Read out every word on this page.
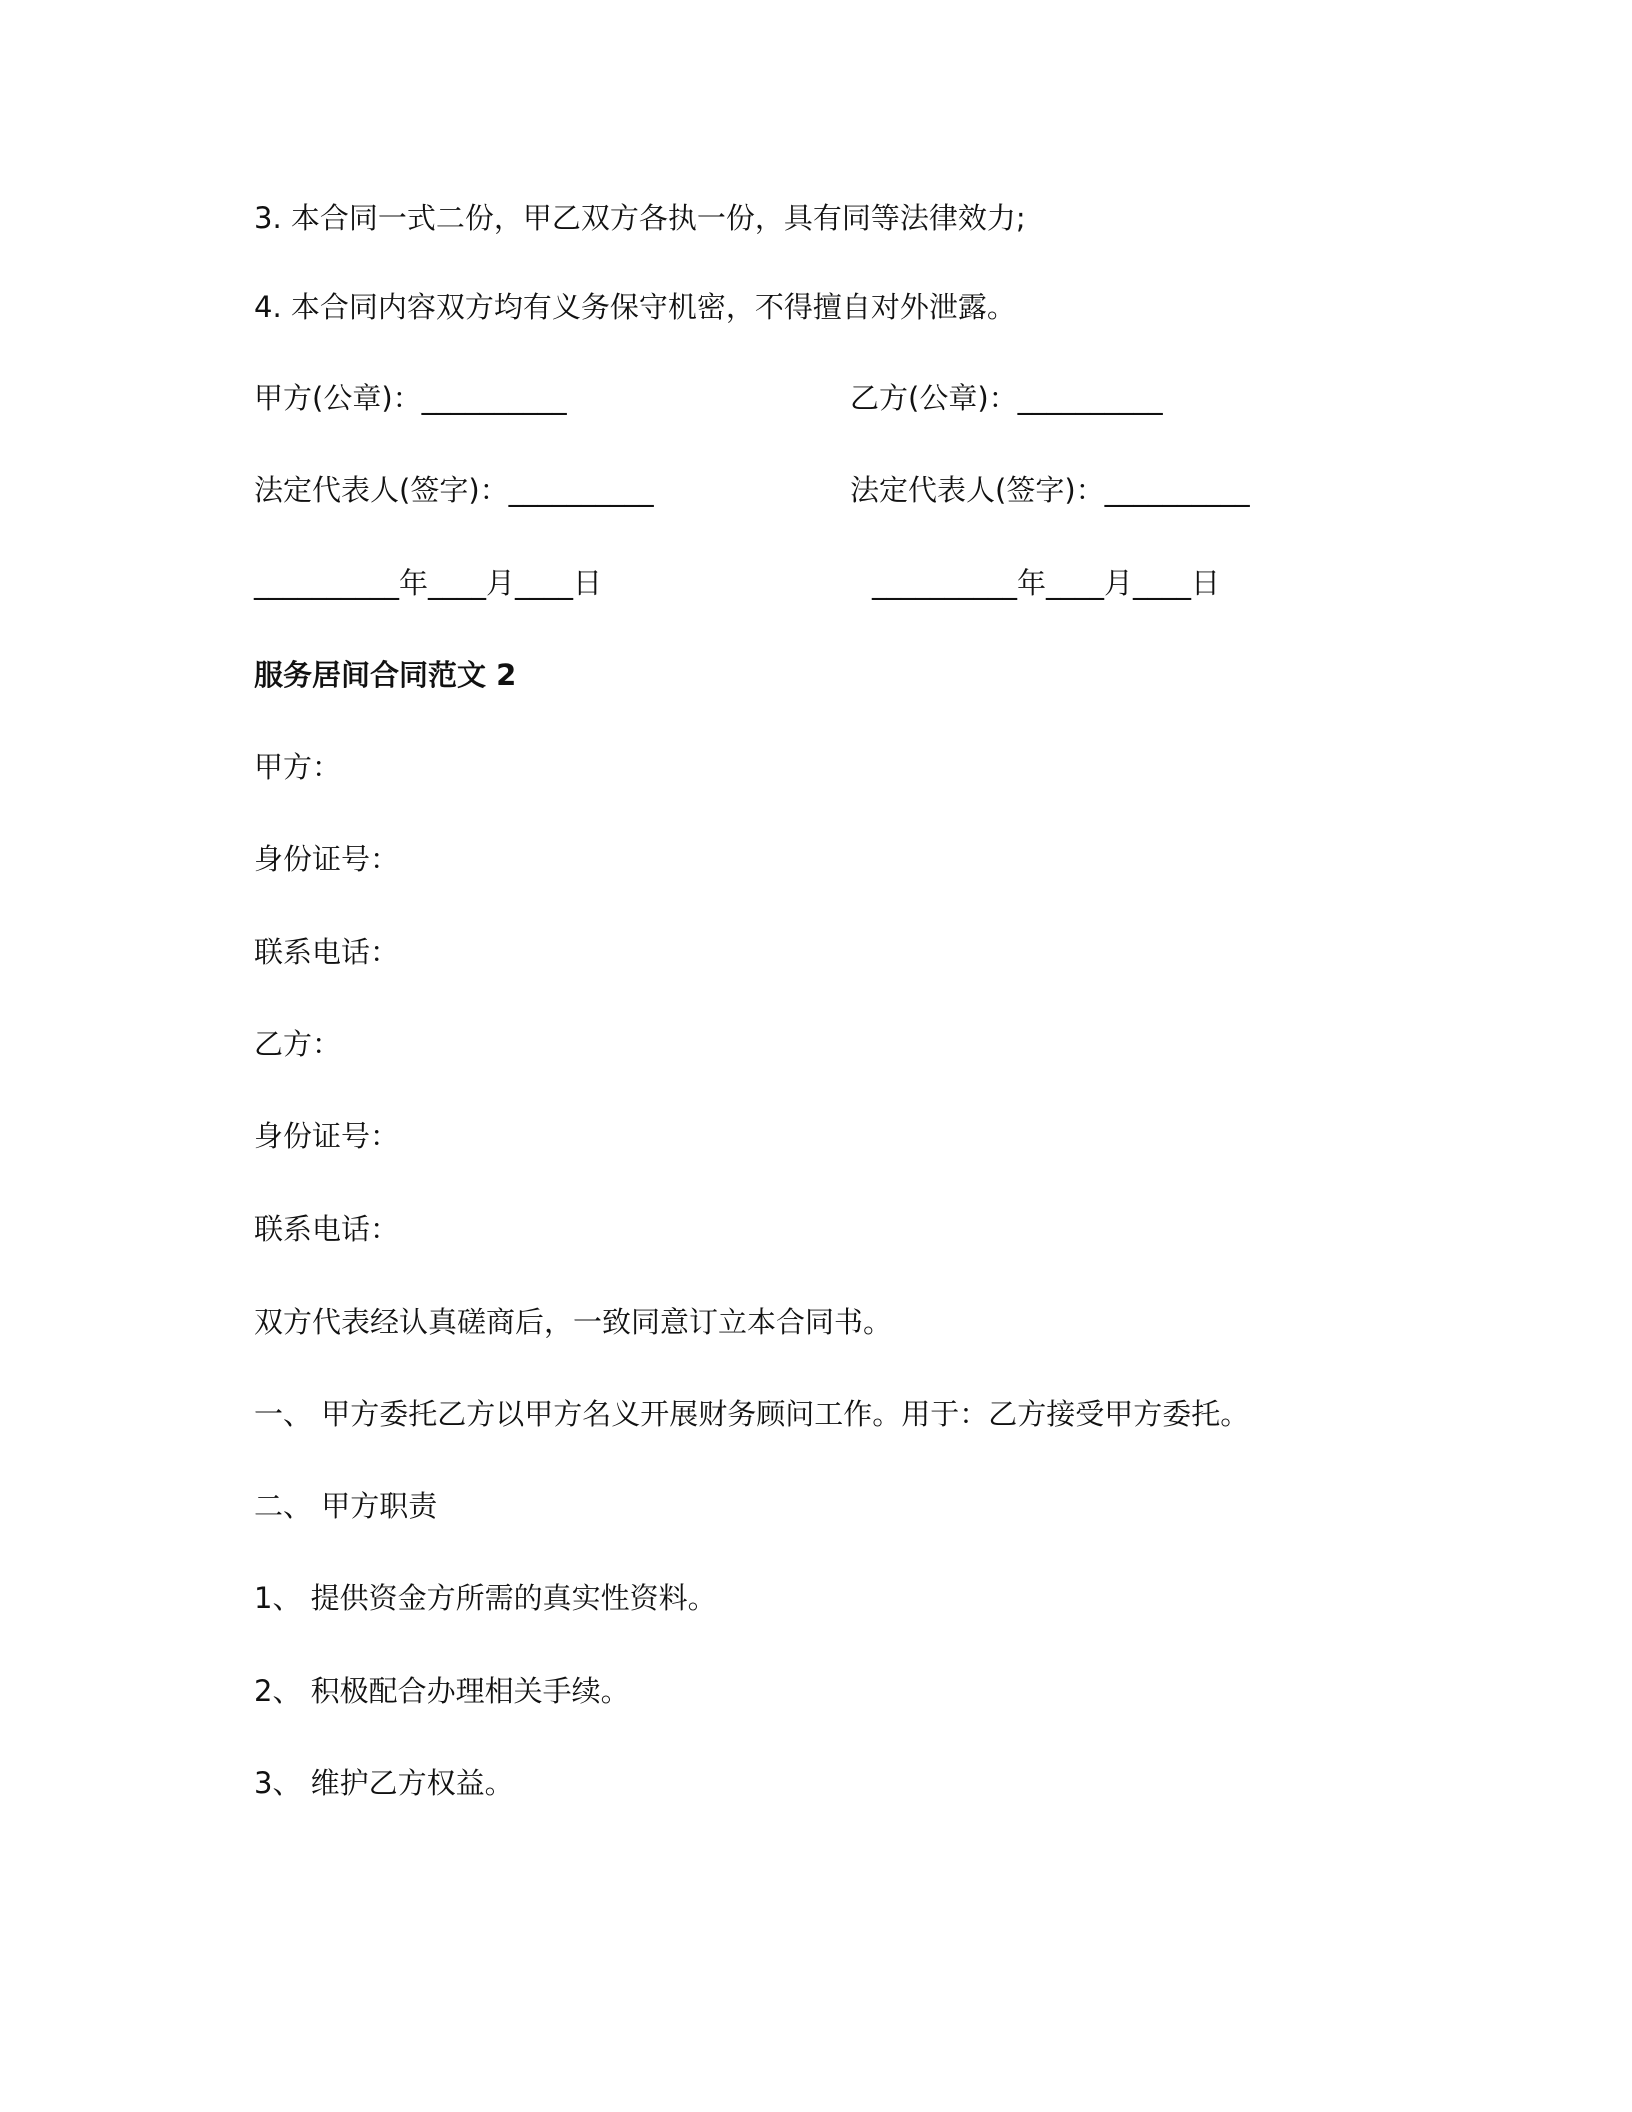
3. 本合同一式二份，甲乙双方各执一份，具有同等法律效力;
4. 本合同内容双方均有义务保守机密，不得擅自对外泄露。
甲方(公章)：__________	乙方(公章)：__________
法定代表人(签字)：__________	法定代表人(签字)：__________
__________年____月____日	__________年____月____日
服务居间合同范文 2
甲方：
身份证号：
联系电话：
乙方：
身份证号：
联系电话：
双方代表经认真磋商后，一致同意订立本合同书。
一、 甲方委托乙方以甲方名义开展财务顾问工作。用于：乙方接受甲方委托。
二、 甲方职责
1、 提供资金方所需的真实性资料。
2、 积极配合办理相关手续。
3、 维护乙方权益。
